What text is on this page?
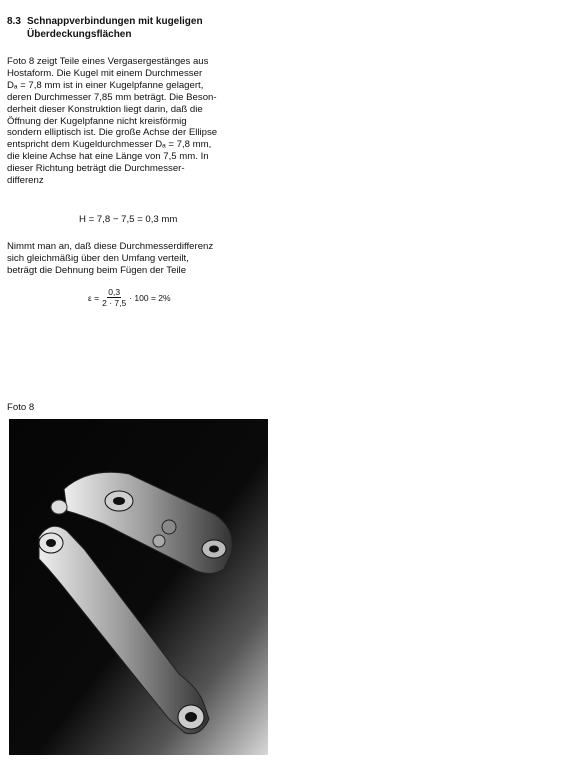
8.3 Schnappverbindungen mit kugeligen
Überdeckungsflächen
Foto 8 zeigt Teile eines Vergasergestänges aus
Hostaform. Die Kugel mit einem Durchmesser
Dₐ = 7,8 mm ist in einer Kugelpfanne gelagert,
deren Durchmesser 7,85 mm beträgt. Die Beson-
derheit dieser Konstruktion liegt darin, daß die
Öffnung der Kugelpfanne nicht kreisförmig
sondern elliptisch ist. Die große Achse der Ellipse
entspricht dem Kugeldurchmesser Dₐ = 7,8 mm,
die kleine Achse hat eine Länge von 7,5 mm. In
dieser Richtung beträgt die Durchmesser-
differenz
H = 7,8 − 7,5 = 0,3 mm
Nimmt man an, daß diese Durchmesserdifferenz
sich gleichmäßig über den Umfang verteilt,
beträgt die Dehnung beim Fügen der Teile
$\varepsilon = \frac{0,3}{2 \cdot 7,5} \cdot 100 = 2\%$
Foto 8
